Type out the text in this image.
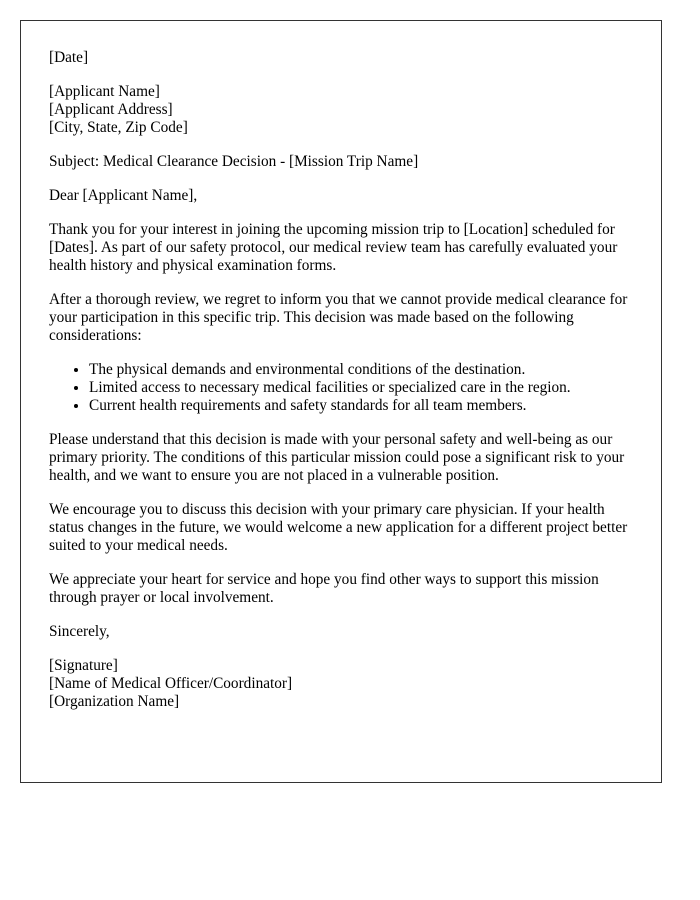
[Date]

[Applicant Name]
[Applicant Address]
[City, State, Zip Code]

Subject: Medical Clearance Decision - [Mission Trip Name]

Dear [Applicant Name],

Thank you for your interest in joining the upcoming mission trip to [Location] scheduled for [Dates]. As part of our safety protocol, our medical review team has carefully evaluated your health history and physical examination forms.

After a thorough review, we regret to inform you that we cannot provide medical clearance for your participation in this specific trip. This decision was made based on the following considerations:

• The physical demands and environmental conditions of the destination.
• Limited access to necessary medical facilities or specialized care in the region.
• Current health requirements and safety standards for all team members.

Please understand that this decision is made with your personal safety and well-being as our primary priority. The conditions of this particular mission could pose a significant risk to your health, and we want to ensure you are not placed in a vulnerable position.

We encourage you to discuss this decision with your primary care physician. If your health status changes in the future, we would welcome a new application for a different project better suited to your medical needs.

We appreciate your heart for service and hope you find other ways to support this mission through prayer or local involvement.

Sincerely,

[Signature]
[Name of Medical Officer/Coordinator]
[Organization Name]
